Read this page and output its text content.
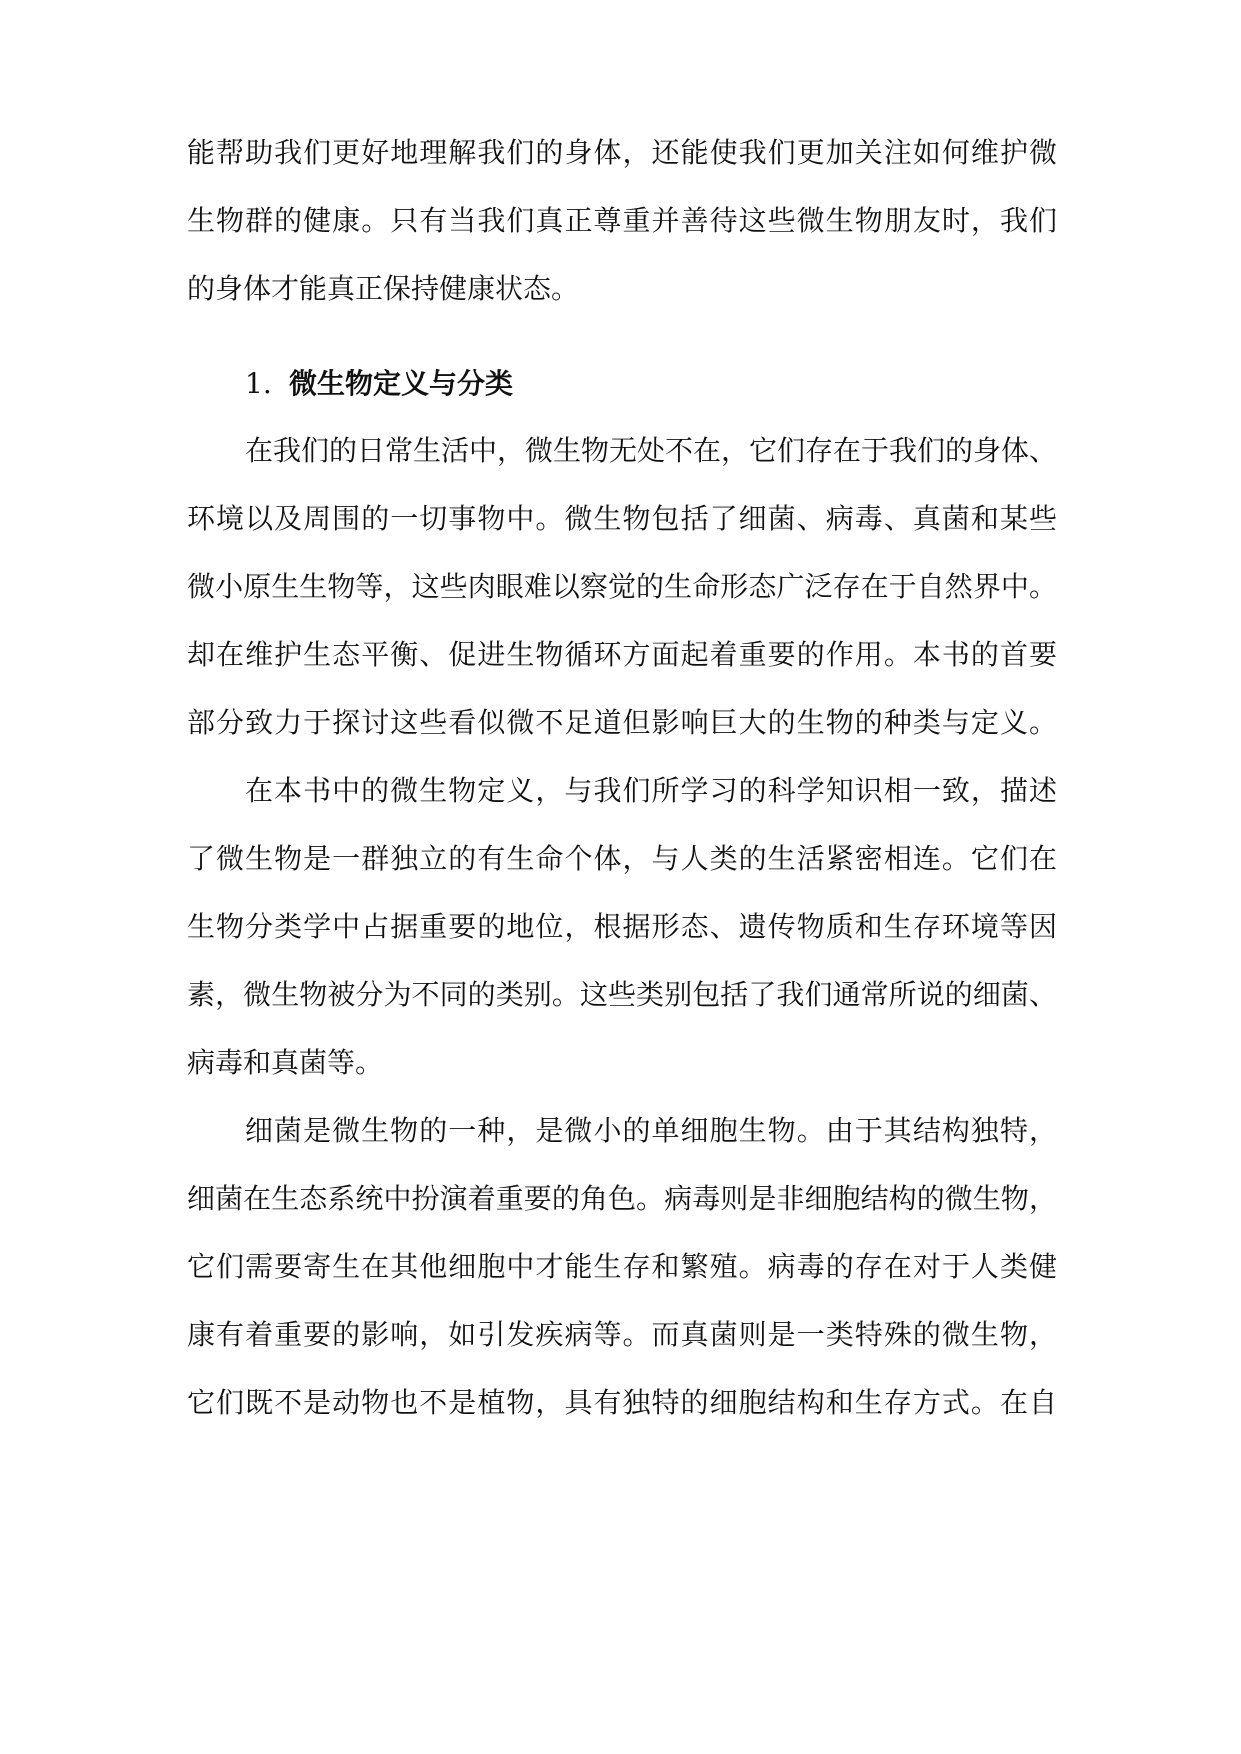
能帮助我们更好地理解我们的身体，还能使我们更加关注如何维护微
生物群的健康。只有当我们真正尊重并善待这些微生物朋友时，我们
的身体才能真正保持健康状态。
1. 微生物定义与分类
在我们的日常生活中，微生物无处不在，它们存在于我们的身体、
环境以及周围的一切事物中。微生物包括了细菌、病毒、真菌和某些
微小原生生物等，这些肉眼难以察觉的生命形态广泛存在于自然界中。
却在维护生态平衡、促进生物循环方面起着重要的作用。本书的首要
部分致力于探讨这些看似微不足道但影响巨大的生物的种类与定义。
在本书中的微生物定义，与我们所学习的科学知识相一致，描述
了微生物是一群独立的有生命个体，与人类的生活紧密相连。它们在
生物分类学中占据重要的地位，根据形态、遗传物质和生存环境等因
素，微生物被分为不同的类别。这些类别包括了我们通常所说的细菌、
病毒和真菌等。
细菌是微生物的一种，是微小的单细胞生物。由于其结构独特，
细菌在生态系统中扮演着重要的角色。病毒则是非细胞结构的微生物，
它们需要寄生在其他细胞中才能生存和繁殖。病毒的存在对于人类健
康有着重要的影响，如引发疾病等。而真菌则是一类特殊的微生物，
它们既不是动物也不是植物，具有独特的细胞结构和生存方式。在自
